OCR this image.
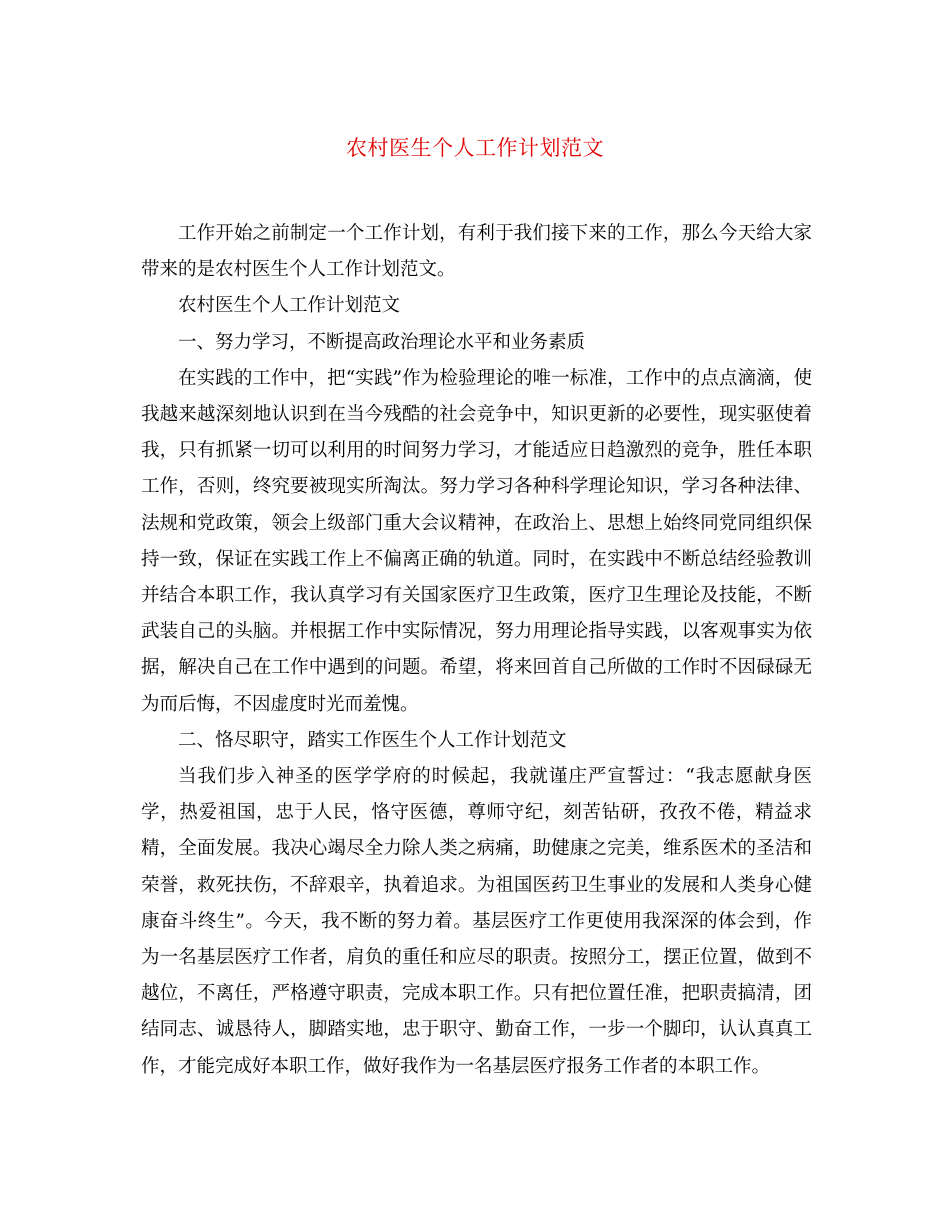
农村医生个人工作计划范文

工作开始之前制定一个工作计划，有利于我们接下来的工作，那么今天给大家带来的是农村医生个人工作计划范文。

农村医生个人工作计划范文

一、努力学习，不断提高政治理论水平和业务素质

在实践的工作中，把“实践”作为检验理论的唯一标准，工作中的点点滴滴，使我越来越深刻地认识到在当今残酷的社会竞争中，知识更新的必要性，现实驱使着我，只有抓紧一切可以利用的时间努力学习，才能适应日趋激烈的竞争，胜任本职工作，否则，终究要被现实所淘汰。努力学习各种科学理论知识，学习各种法律、法规和党政策，领会上级部门重大会议精神，在政治上、思想上始终同党同组织保持一致，保证在实践工作上不偏离正确的轨道。同时，在实践中不断总结经验教训并结合本职工作，我认真学习有关国家医疗卫生政策，医疗卫生理论及技能，不断武装自己的头脑。并根据工作中实际情况，努力用理论指导实践，以客观事实为依据，解决自己在工作中遇到的问题。希望，将来回首自己所做的工作时不因碌碌无为而后悔，不因虚度时光而羞愧。

二、恪尽职守，踏实工作医生个人工作计划范文

当我们步入神圣的医学学府的时候起，我就谨庄严宣誓过：“我志愿献身医学，热爱祖国，忠于人民，恪守医德，尊师守纪，刻苦钻研，孜孜不倦，精益求精，全面发展。我决心竭尽全力除人类之病痛，助健康之完美，维系医术的圣洁和荣誉，救死扶伤，不辞艰辛，执着追求。为祖国医药卫生事业的发展和人类身心健康奋斗终生”。今天，我不断的努力着。基层医疗工作更使用我深深的体会到，作为一名基层医疗工作者，肩负的重任和应尽的职责。按照分工，摆正位置，做到不越位，不离任，严格遵守职责，完成本职工作。只有把位置任准，把职责搞清，团结同志、诚恳待人，脚踏实地，忠于职守、勤奋工作，一步一个脚印，认认真真工作，才能完成好本职工作，做好我作为一名基层医疗报务工作者的本职工作。
